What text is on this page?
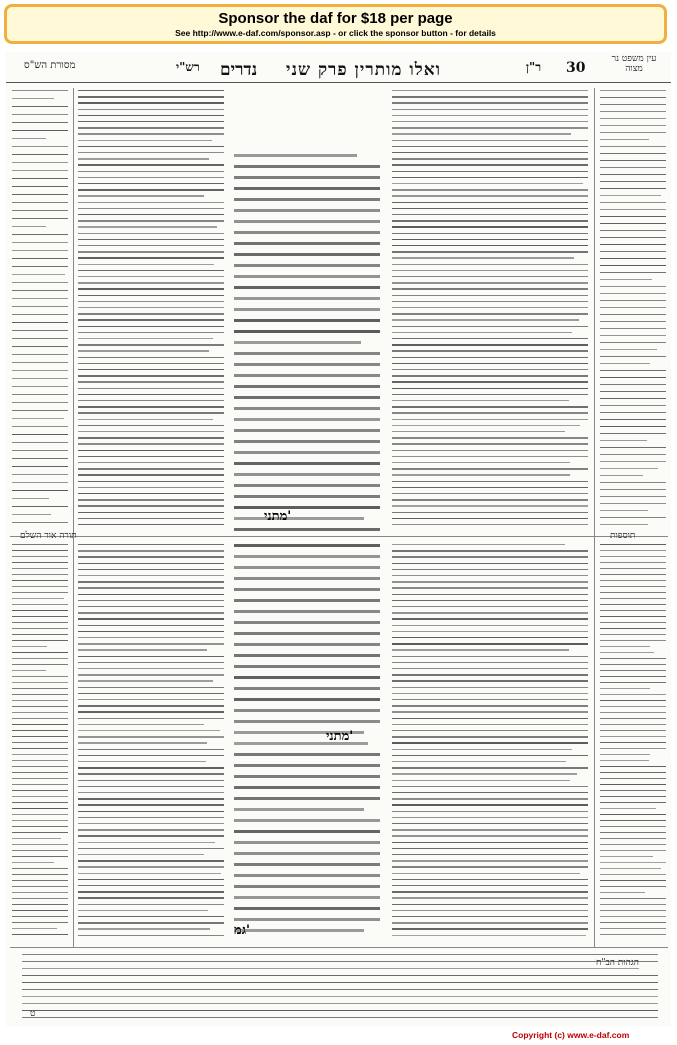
Sponsor the daf for $18 per page
See http://www.e-daf.com/sponsor.asp - or click the sponsor button - for details
30
ר"ן
ואלו מותרין פרק שני
נדרים
רש"י
מסורת הש"ס
עין משפט נר מצוה
תוספות
תורה אור השלם
מתני'
מתני'
גמ'
הגהות הב"ח
ט
Copyright (c) www.e-daf.com
